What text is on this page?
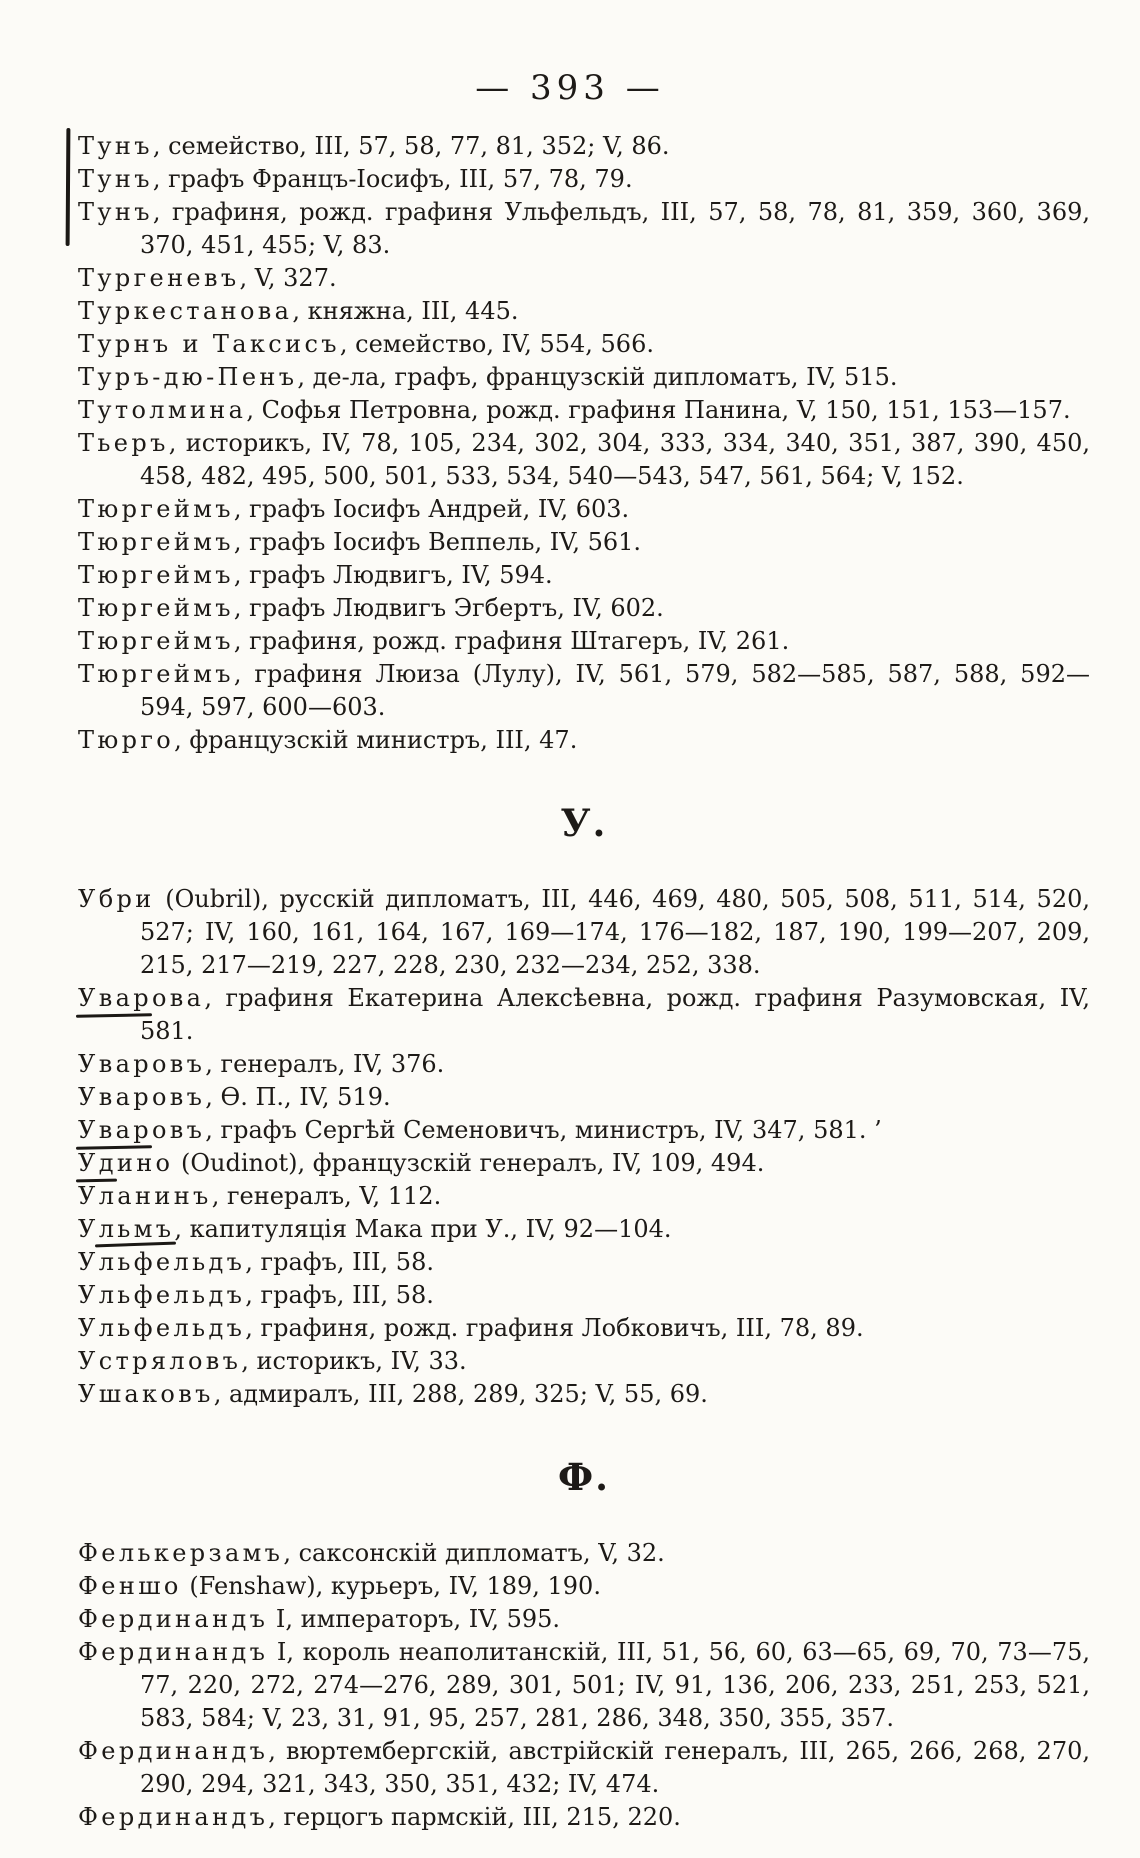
— 393 —

Тунъ, семейство, III, 57, 58, 77, 81, 352; V, 86.

Тунъ, графъ Францъ-Іосифъ, III, 57, 78, 79.

Тунъ, графиня, рожд. графиня Ульфельдъ, III, 57, 58, 78, 81, 359, 360, 369, 370, 451, 455; V, 83.

Тургеневъ, V, 327.

Туркестанова, княжна, III, 445.

Турнъ и Таксисъ, семейство, IV, 554, 566.

Туръ-дю-Пенъ, де-ла, графъ, французскій дипломатъ, IV, 515.

Тутолмина, Софья Петровна, рожд. графиня Панина, V, 150, 151, 153—157.

Тьеръ, историкъ, IV, 78, 105, 234, 302, 304, 333, 334, 340, 351, 387, 390, 450, 458, 482, 495, 500, 501, 533, 534, 540—543, 547, 561, 564; V, 152.

Тюргеймъ, графъ Іосифъ Андрей, IV, 603.

Тюргеймъ, графъ Іосифъ Веппель, IV, 561.

Тюргеймъ, графъ Людвигъ, IV, 594.

Тюргеймъ, графъ Людвигъ Эгбертъ, IV, 602.

Тюргеймъ, графиня, рожд. графиня Штагеръ, IV, 261.

Тюргеймъ, графиня Люиза (Лулу), IV, 561, 579, 582—585, 587, 588, 592—594, 597, 600—603.

Тюрго, французскій министръ, III, 47.

У.

Убри (Oubril), русскій дипломатъ, III, 446, 469, 480, 505, 508, 511, 514, 520, 527; IV, 160, 161, 164, 167, 169—174, 176—182, 187, 190, 199—207, 209, 215, 217—219, 227, 228, 230, 232—234, 252, 338.

Уварова, графиня Екатерина Алексѣевна, рожд. графиня Разумовская, IV, 581.

Уваровъ, генералъ, IV, 376.

Уваровъ, Ѳ. П., IV, 519.

Уваровъ, графъ Сергѣй Семеновичъ, министръ, IV, 347, 581. ’

Удино (Oudinot), французскій генералъ, IV, 109, 494.

Уланинъ, генералъ, V, 112.

Ульмъ, капитуляція Мака при У., IV, 92—104.

Ульфельдъ, графъ, III, 58.

Ульфельдъ, графъ, III, 58.

Ульфельдъ, графиня, рожд. графиня Лобковичъ, III, 78, 89.

Устряловъ, историкъ, IV, 33.

Ушаковъ, адмиралъ, III, 288, 289, 325; V, 55, 69.

Ф.

Фелькерзамъ, саксонскій дипломатъ, V, 32.

Феншо (Fenshaw), курьеръ, IV, 189, 190.

Фердинандъ I, императоръ, IV, 595.

Фердинандъ I, король неаполитанскій, III, 51, 56, 60, 63—65, 69, 70, 73—75, 77, 220, 272, 274—276, 289, 301, 501; IV, 91, 136, 206, 233, 251, 253, 521, 583, 584; V, 23, 31, 91, 95, 257, 281, 286, 348, 350, 355, 357.

Фердинандъ, вюртембергскій, австрійскій генералъ, III, 265, 266, 268, 270, 290, 294, 321, 343, 350, 351, 432; IV, 474.

Фердинандъ, герцогъ пармскій, III, 215, 220.
